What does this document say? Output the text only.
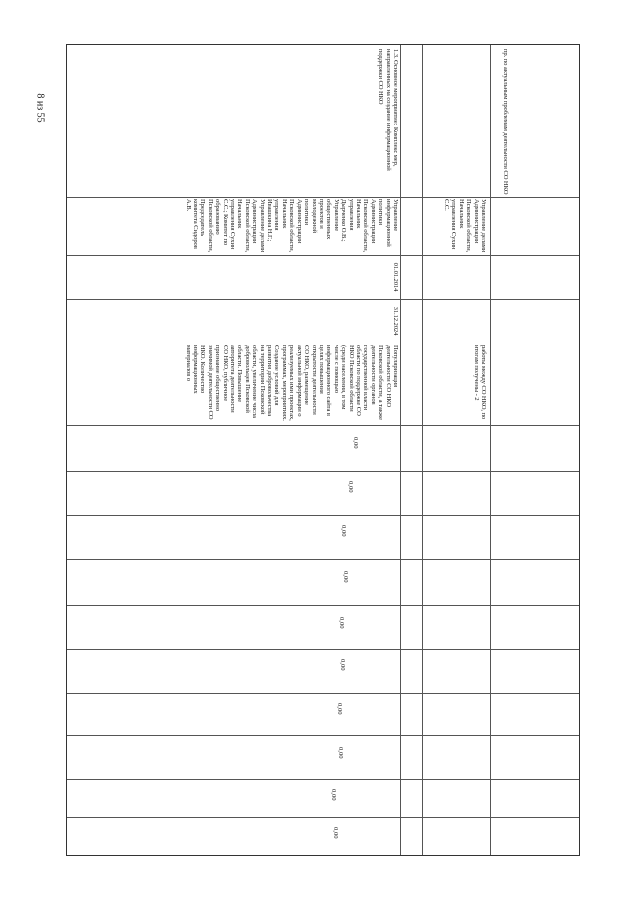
8 из 55	пр. по актуальным проблемам деятельности СО НКО
Управление делами Администрации Псковской области, Начальник управления Сухин С.С.
1.3. Основное мероприятие: Комплекс мер, направленных на создание информационной поддержки СО НКО
Управление информационной политики Администрации Псковской области, Начальник управления Дырченко О.В.; Управление общественных проектов и молодежной политики Администрации Псковской области, Начальник управления Ивашкина Н.Г.; Управление делами Администрации Псковской области, Начальник управления Сухин С.С.; Комитет по образованию Псковской области, Председатель комитета Сидоров А.В.
01.01.2014
31.12.2024
Популяризация деятельности СО НКО Псковской области, а также деятельности органов государственной власти области по поддержке СО НКО Псковской области (среди населения, в том числе с помощью информационного сайта в целях повышения открытости деятельности СО НКО, размещение актуальной информации о реализуемых ими проектах, программах, мероприятиях. Создание условий для развития добровольчества на территории Псковской области, увеличение числа добровольцев Псковской области. Повышение авторитета деятельности СО НКО, публичное признание общественно значимой деятельности СО НКО. Количество информационных материалов о	работы между СО НКО, по итогам получены - 2
0,00
0,00
0,00
0,00
0,00
0,00
0,00
0,00
0,00
0,00
